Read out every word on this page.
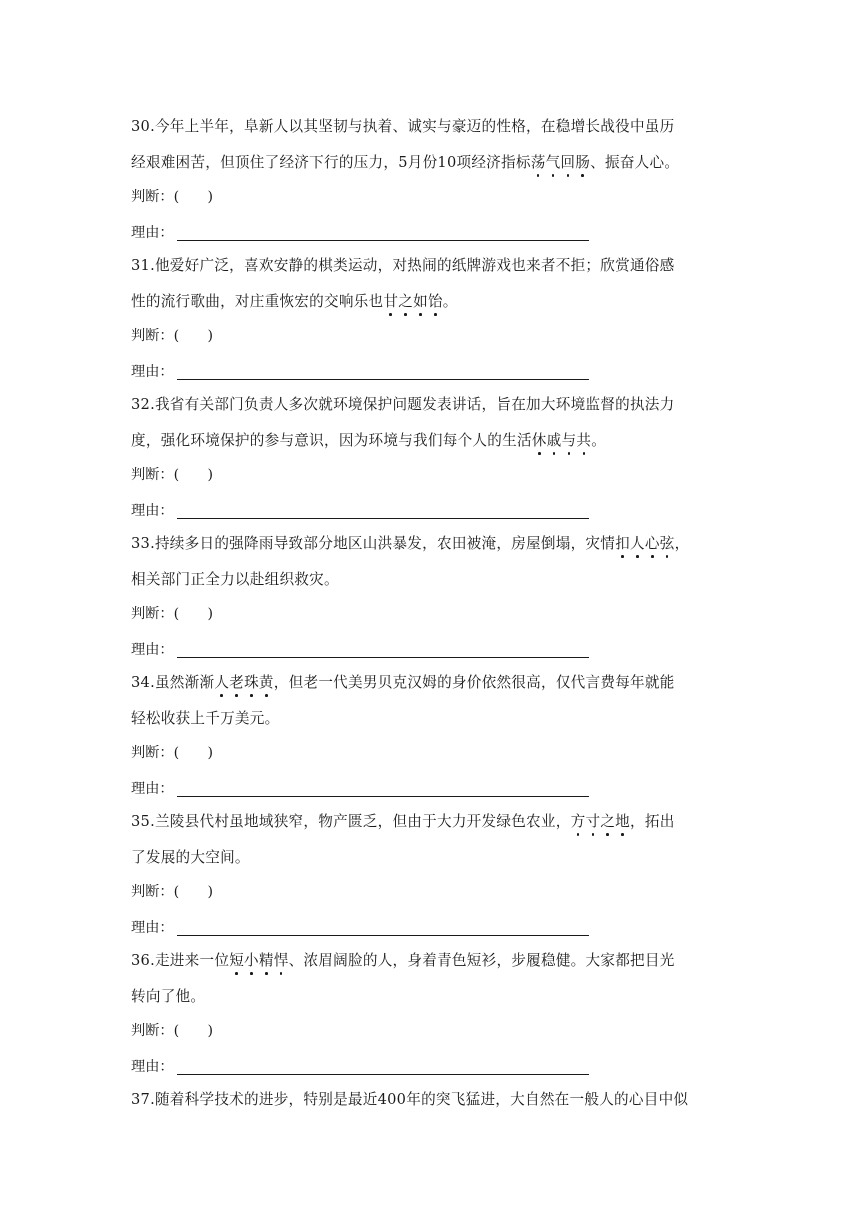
30.今年上半年，阜新人以其坚韧与执着、诚实与豪迈的性格，在稳增长战役中虽历
经艰难困苦，但顶住了经济下行的压力，5月份10项经济指标荡气回肠、振奋人心。
判断：(　　)
理由：
31.他爱好广泛，喜欢安静的棋类运动，对热闹的纸牌游戏也来者不拒；欣赏通俗感
性的流行歌曲，对庄重恢宏的交响乐也甘之如饴。
判断：(　　)
理由：
32.我省有关部门负责人多次就环境保护问题发表讲话，旨在加大环境监督的执法力
度，强化环境保护的参与意识，因为环境与我们每个人的生活休戚与共。
判断：(　　)
理由：
33.持续多日的强降雨导致部分地区山洪暴发，农田被淹，房屋倒塌，灾情扣人心弦，
相关部门正全力以赴组织救灾。
判断：(　　)
理由：
34.虽然渐渐人老珠黄，但老一代美男贝克汉姆的身价依然很高，仅代言费每年就能
轻松收获上千万美元。
判断：(　　)
理由：
35.兰陵县代村虽地域狭窄，物产匮乏，但由于大力开发绿色农业，方寸之地，拓出
了发展的大空间。
判断：(　　)
理由：
36.走进来一位短小精悍、浓眉阔脸的人，身着青色短衫，步履稳健。大家都把目光
转向了他。
判断：(　　)
理由：
37.随着科学技术的进步，特别是最近400年的突飞猛进，大自然在一般人的心目中似
